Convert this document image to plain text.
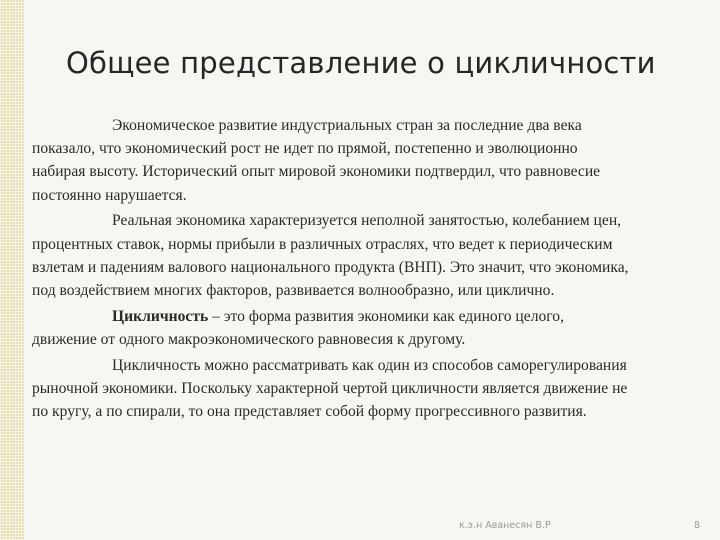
Общее представление о цикличности

Экономическое развитие индустриальных стран за последние два века показало, что экономический рост не идет по прямой, постепенно и эволюционно набирая высоту. Исторический опыт мировой экономики подтвердил, что равновесие постоянно нарушается.

Реальная экономика характеризуется неполной занятостью, колебанием цен, процентных ставок, нормы прибыли в различных отраслях, что ведет к периодическим взлетам и падениям валового национального продукта (ВНП). Это значит, что экономика, под воздействием многих факторов, развивается волнообразно, или циклично.

Цикличность – это форма развития экономики как единого целого, движение от одного макроэкономического равновесия к другому.

Цикличность можно рассматривать как один из способов саморегулирования рыночной экономики. Поскольку характерной чертой цикличности является движение не по кругу, а по спирали, то она представляет собой форму прогрессивного развития.

к.э.н Аванесян В.Р	8
